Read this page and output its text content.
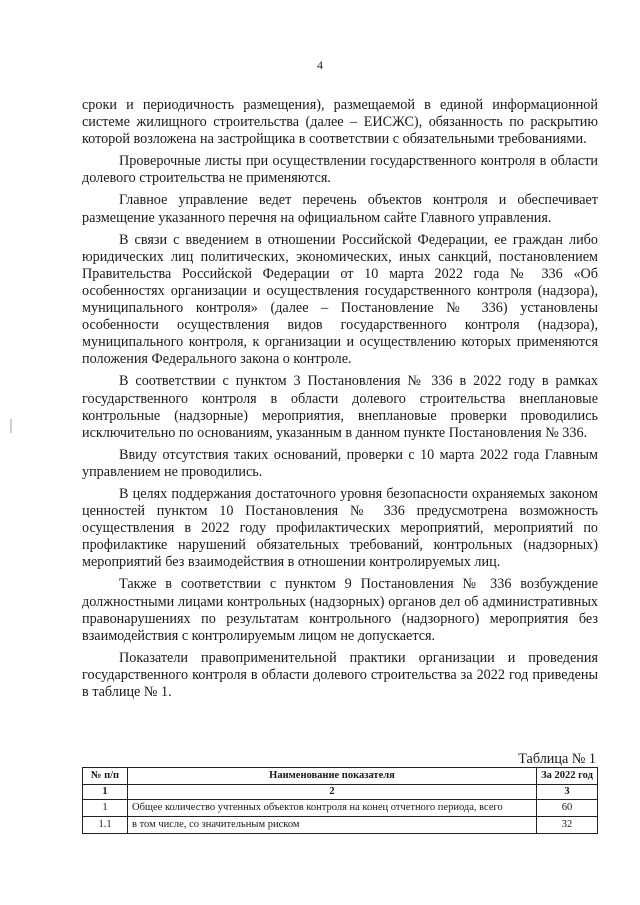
4

сроки и периодичность размещения), размещаемой в единой информационной системе жилищного строительства (далее – ЕИСЖС), обязанность по раскрытию которой возложена на застройщика в соответствии с обязательными требованиями.

Проверочные листы при осуществлении государственного контроля в области долевого строительства не применяются.

Главное управление ведет перечень объектов контроля и обеспечивает размещение указанного перечня на официальном сайте Главного управления.

В связи с введением в отношении Российской Федерации, ее граждан либо юридических лиц политических, экономических, иных санкций, постановлением Правительства Российской Федерации от 10 марта 2022 года № 336 «Об особенностях организации и осуществления государственного контроля (надзора), муниципального контроля» (далее – Постановление № 336) установлены особенности осуществления видов государственного контроля (надзора), муниципального контроля, к организации и осуществлению которых применяются положения Федерального закона о контроле.

В соответствии с пунктом 3 Постановления № 336 в 2022 году в рамках государственного контроля в области долевого строительства внеплановые контрольные (надзорные) мероприятия, внеплановые проверки проводились исключительно по основаниям, указанным в данном пункте Постановления № 336.

Ввиду отсутствия таких оснований, проверки с 10 марта 2022 года Главным управлением не проводились.

В целях поддержания достаточного уровня безопасности охраняемых законом ценностей пунктом 10 Постановления № 336 предусмотрена возможность осуществления в 2022 году профилактических мероприятий, мероприятий по профилактике нарушений обязательных требований, контрольных (надзорных) мероприятий без взаимодействия в отношении контролируемых лиц.

Также в соответствии с пунктом 9 Постановления № 336 возбуждение должностными лицами контрольных (надзорных) органов дел об административных правонарушениях по результатам контрольного (надзорного) мероприятия без взаимодействия с контролируемым лицом не допускается.

Показатели правоприменительной практики организации и проведения государственного контроля в области долевого строительства за 2022 год приведены в таблице № 1.

Таблица № 1
№ п/п	Наименование показателя	За 2022 год
1	2	3
1	Общее количество учтенных объектов контроля на конец отчетного периода, всего	60
1.1	в том числе, со значительным риском	32
